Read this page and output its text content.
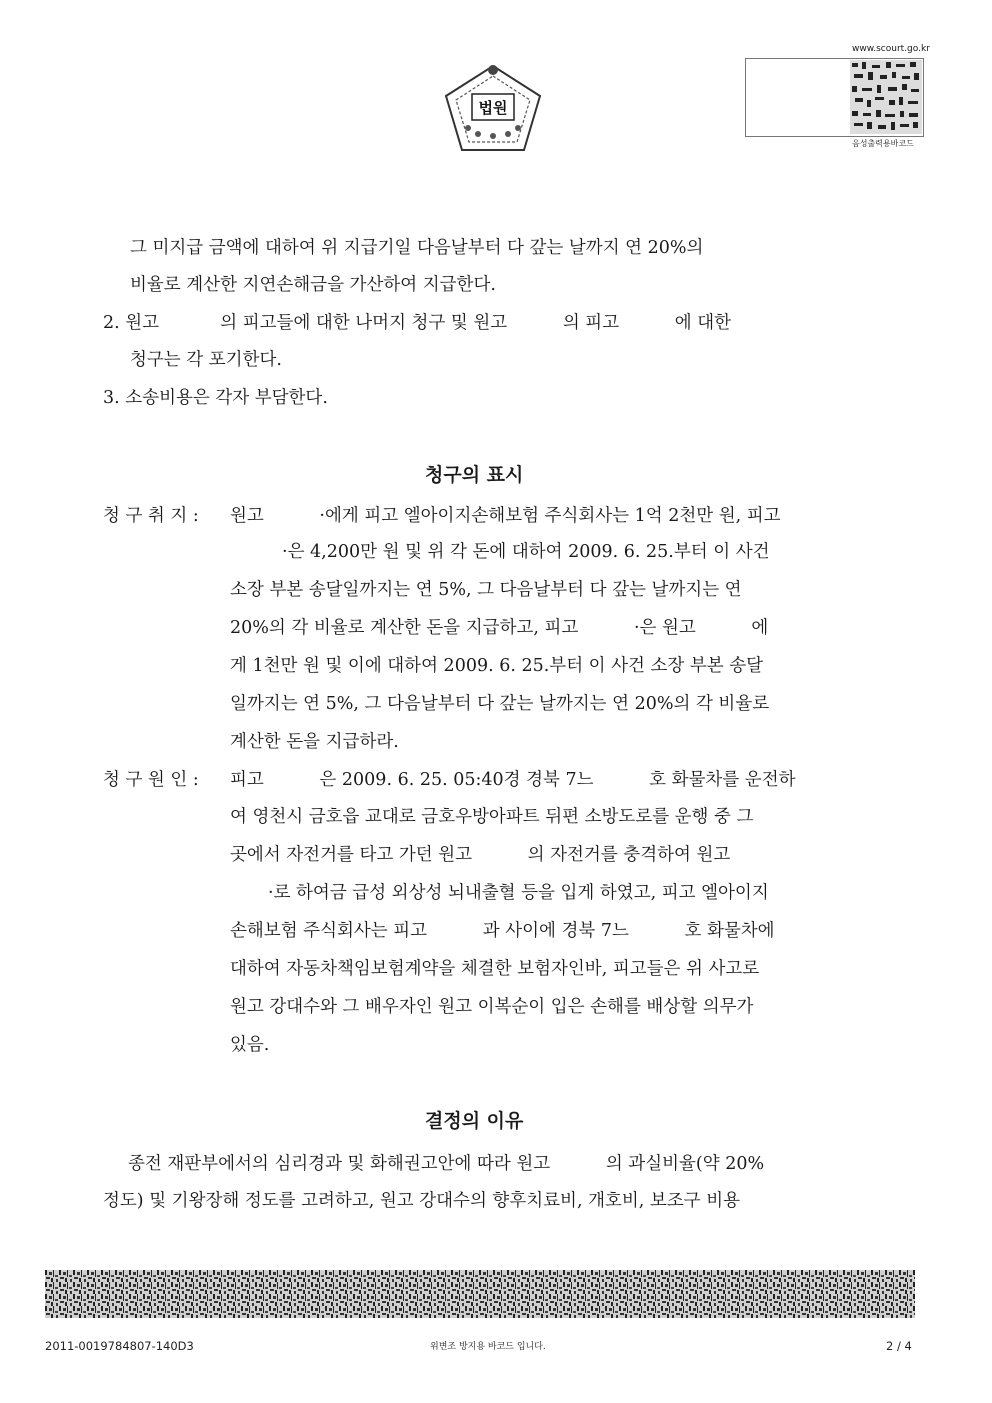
법원
www.scourt.go.kr
음성출력용바코드
그 미지급 금액에 대하여 위 지급기일 다음날부터 다 갚는 날까지 연 20%의
비율로 계산한 지연손해금을 가산하여 지급한다.
2. 원고           의 피고들에 대한 나머지 청구 및 원고          의 피고          에 대한
청구는 각 포기한다.
3. 소송비용은 각자 부담한다.
청구의 표시
청 구 취 지 : 원고          ·에게 피고 엘아이지손해보험 주식회사는 1억 2천만 원, 피고
·은 4,200만 원 및 위 각 돈에 대하여 2009. 6. 25.부터 이 사건
소장 부본 송달일까지는 연 5%, 그 다음날부터 다 갚는 날까지는 연
20%의 각 비율로 계산한 돈을 지급하고, 피고          ·은 원고          에
게 1천만 원 및 이에 대하여 2009. 6. 25.부터 이 사건 소장 부본 송달
일까지는 연 5%, 그 다음날부터 다 갚는 날까지는 연 20%의 각 비율로
계산한 돈을 지급하라.
청 구 원 인 : 피고          은 2009. 6. 25. 05:40경 경북 7느          호 화물차를 운전하
여 영천시 금호읍 교대로 금호우방아파트 뒤편 소방도로를 운행 중 그
곳에서 자전거를 타고 가던 원고          의 자전거를 충격하여 원고
·로 하여금 급성 외상성 뇌내출혈 등을 입게 하였고, 피고 엘아이지
손해보험 주식회사는 피고          과 사이에 경북 7느          호 화물차에
대하여 자동차책임보험계약을 체결한 보험자인바, 피고들은 위 사고로
원고 강대수와 그 배우자인 원고 이복순이 입은 손해를 배상할 의무가
있음.
결정의 이유
종전 재판부에서의 심리경과 및 화해권고안에 따라 원고          의 과실비율(약 20%
정도) 및 기왕장해 정도를 고려하고, 원고 강대수의 향후치료비, 개호비, 보조구 비용
2011-0019784807-140D3	위변조 방지용 바코드 입니다.	2 / 4
